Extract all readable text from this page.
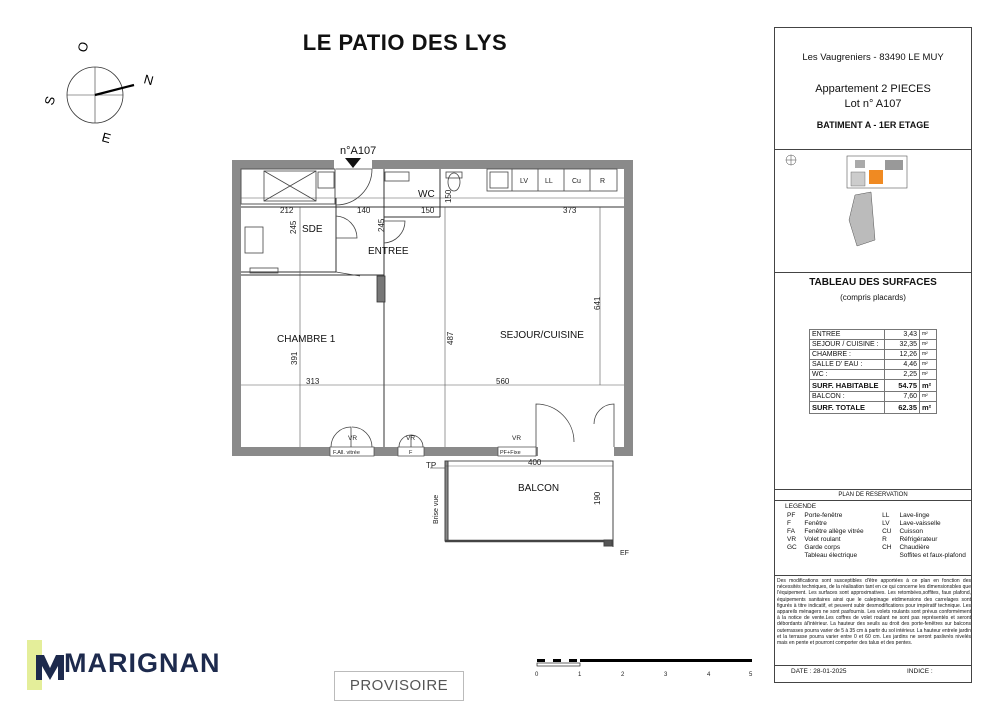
LE PATIO DES LYS
O
N
S
E
LV LL	Cu	R
VR	VR	VR
F.All. vitrée	F	PF+Fixe
TP
Brise vue
EF
n°A107
SDE
WC
ENTREE
CHAMBRE 1	SEJOUR/CUISINE
BALCON
212	140	150
150
373
245	245
641
487
391
313	560
400
190
0	1	2	3	4	5
MARIGNAN
PROVISOIRE
Les Vaugreniers - 83490 LE MUY
Appartement 2 PIECES
Lot n° A107
BATIMENT A - 1ER ETAGE
TABLEAU DES SURFACES
(compris placards)
ENTREE	3,43	m²
SEJOUR / CUISINE :	32,35	m²
CHAMBRE :	12,26	m²
SALLE D' EAU :	4,46	m²
WC :	2,25	m²
SURF. HABITABLE	54.75	m²
BALCON :	7,60	m²
SURF. TOTALE	62.35	m²
PLAN DE RESERVATION
LEGENDE
PF	Porte-fenêtre	LL	Lave-linge
F	Fenêtre	LV	Lave-vaisselle
FA	Fenêtre allège vitrée	CU	Cuisson
VR	Volet roulant	R	Réfrigérateur
GC	Garde corps	CH	Chaudière
	Tableau électrique		Soffites et faux-plafond
Des modifications sont susceptibles d'être apportées à ce plan en fonction des nécessités techniques, de la réalisation tant en ce qui concerne les dimensionsbles que l'équipement. Les surfaces sont approximatives. Les retombées,soffites, faux plafond, équipements sanitaires ainsi que le calepinage etdimensions des carrelages sont figurés à titre indicatif, et peuvent subir desmodifications pour impératif technique. Les appareils ménagers ne sont pasfournis. Les volets roulants sont prévus conformément à la notice de vente.Les coffres de volet roulant ne sont pas représentés et seront débordants àl'intérieur. La hauteur des seuils au droit des porte-fenêtres sur balcons outerrasses pourra varier de 5 à 35 cm à partir du sol intérieur. La hauteur entrele jardin et la terrasse pourra varier entre 0 et 60 cm. Les jardins ne seront paslivrés nivelés mais en pente et pourront comporter des talus et des pentes.
DATE : 28-01-2025	INDICE :
